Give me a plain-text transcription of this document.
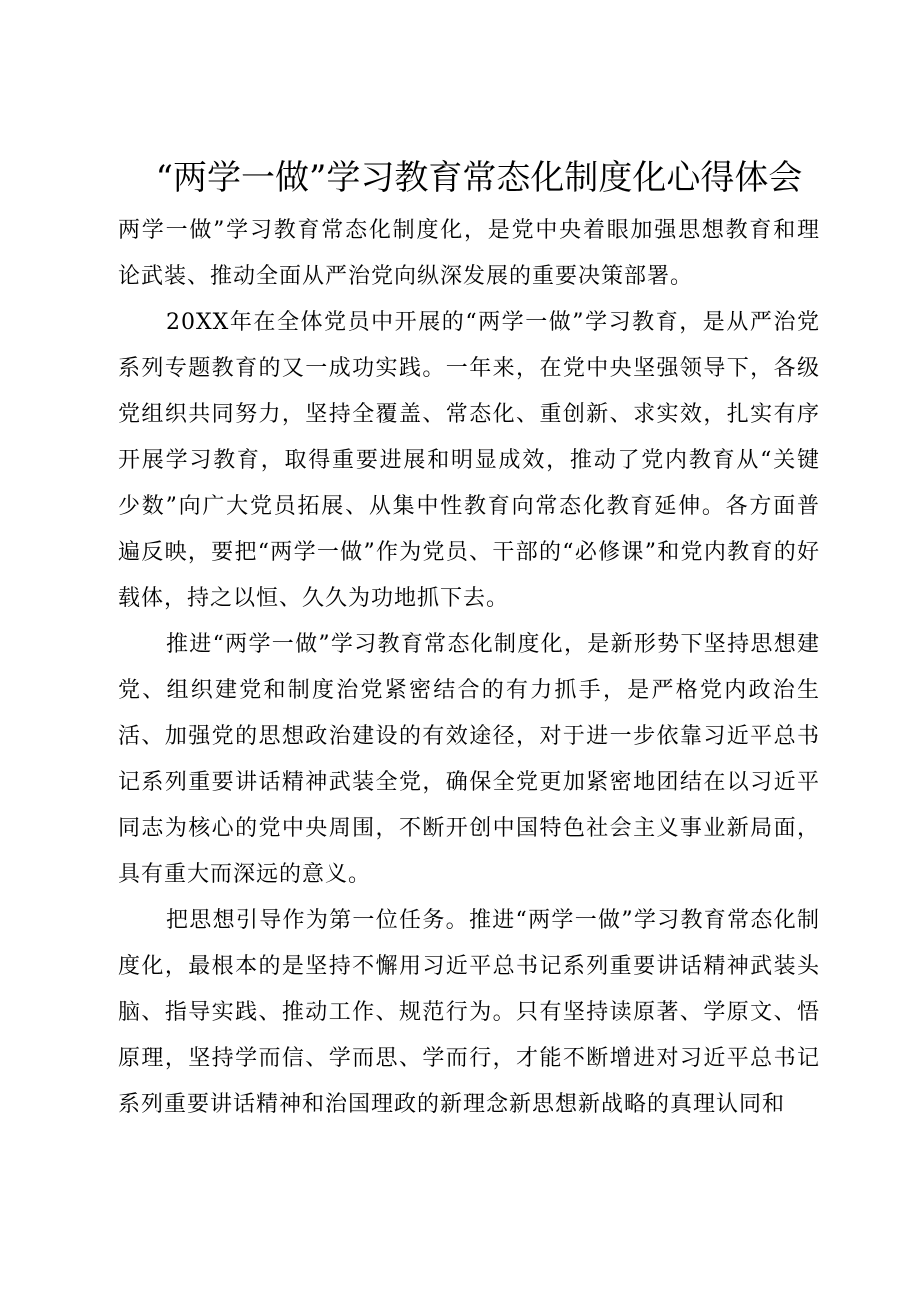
“两学一做”学习教育常态化制度化心得体会

两学一做”学习教育常态化制度化，是党中央着眼加强思想教育和理论武装、推动全面从严治党向纵深发展的重要决策部署。

20XX年在全体党员中开展的“两学一做”学习教育，是从严治党系列专题教育的又一成功实践。一年来，在党中央坚强领导下，各级党组织共同努力，坚持全覆盖、常态化、重创新、求实效，扎实有序开展学习教育，取得重要进展和明显成效，推动了党内教育从“关键少数”向广大党员拓展、从集中性教育向常态化教育延伸。各方面普遍反映，要把“两学一做”作为党员、干部的“必修课”和党内教育的好载体，持之以恒、久久为功地抓下去。

推进“两学一做”学习教育常态化制度化，是新形势下坚持思想建党、组织建党和制度治党紧密结合的有力抓手，是严格党内政治生活、加强党的思想政治建设的有效途径，对于进一步依靠习近平总书记系列重要讲话精神武装全党，确保全党更加紧密地团结在以习近平同志为核心的党中央周围，不断开创中国特色社会主义事业新局面，具有重大而深远的意义。

把思想引导作为第一位任务。推进“两学一做”学习教育常态化制度化，最根本的是坚持不懈用习近平总书记系列重要讲话精神武装头脑、指导实践、推动工作、规范行为。只有坚持读原著、学原文、悟原理，坚持学而信、学而思、学而行，才能不断增进对习近平总书记系列重要讲话精神和治国理政的新理念新思想新战略的真理认同和
